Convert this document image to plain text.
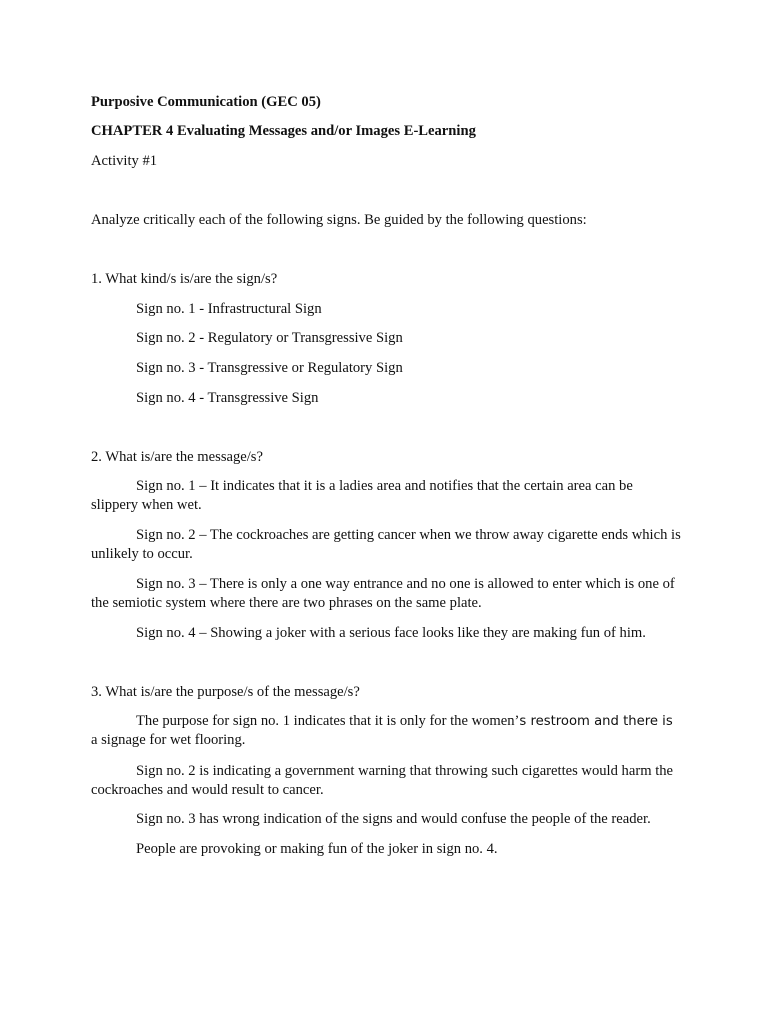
Purposive Communication (GEC 05)
CHAPTER 4 Evaluating Messages and/or Images E-Learning
Activity #1
Analyze critically each of the following signs. Be guided by the following questions:
1. What kind/s is/are the sign/s?
Sign no. 1 - Infrastructural Sign
Sign no. 2 - Regulatory or Transgressive Sign
Sign no. 3 - Transgressive or Regulatory Sign
Sign no. 4 - Transgressive Sign
2. What is/are the message/s?
Sign no. 1 – It indicates that it is a ladies area and notifies that the certain area can be slippery when wet.
Sign no. 2 – The cockroaches are getting cancer when we throw away cigarette ends which is unlikely to occur.
Sign no. 3 – There is only a one way entrance and no one is allowed to enter which is one of the semiotic system where there are two phrases on the same plate.
Sign no. 4 – Showing a joker with a serious face looks like they are making fun of him.
3. What is/are the purpose/s of the message/s?
The purpose for sign no. 1 indicates that it is only for the women’s restroom and there is a signage for wet flooring.
Sign no. 2 is indicating a government warning that throwing such cigarettes would harm the cockroaches and would result to cancer.
Sign no. 3 has wrong indication of the signs and would confuse the people of the reader.
People are provoking or making fun of the joker in sign no. 4.
